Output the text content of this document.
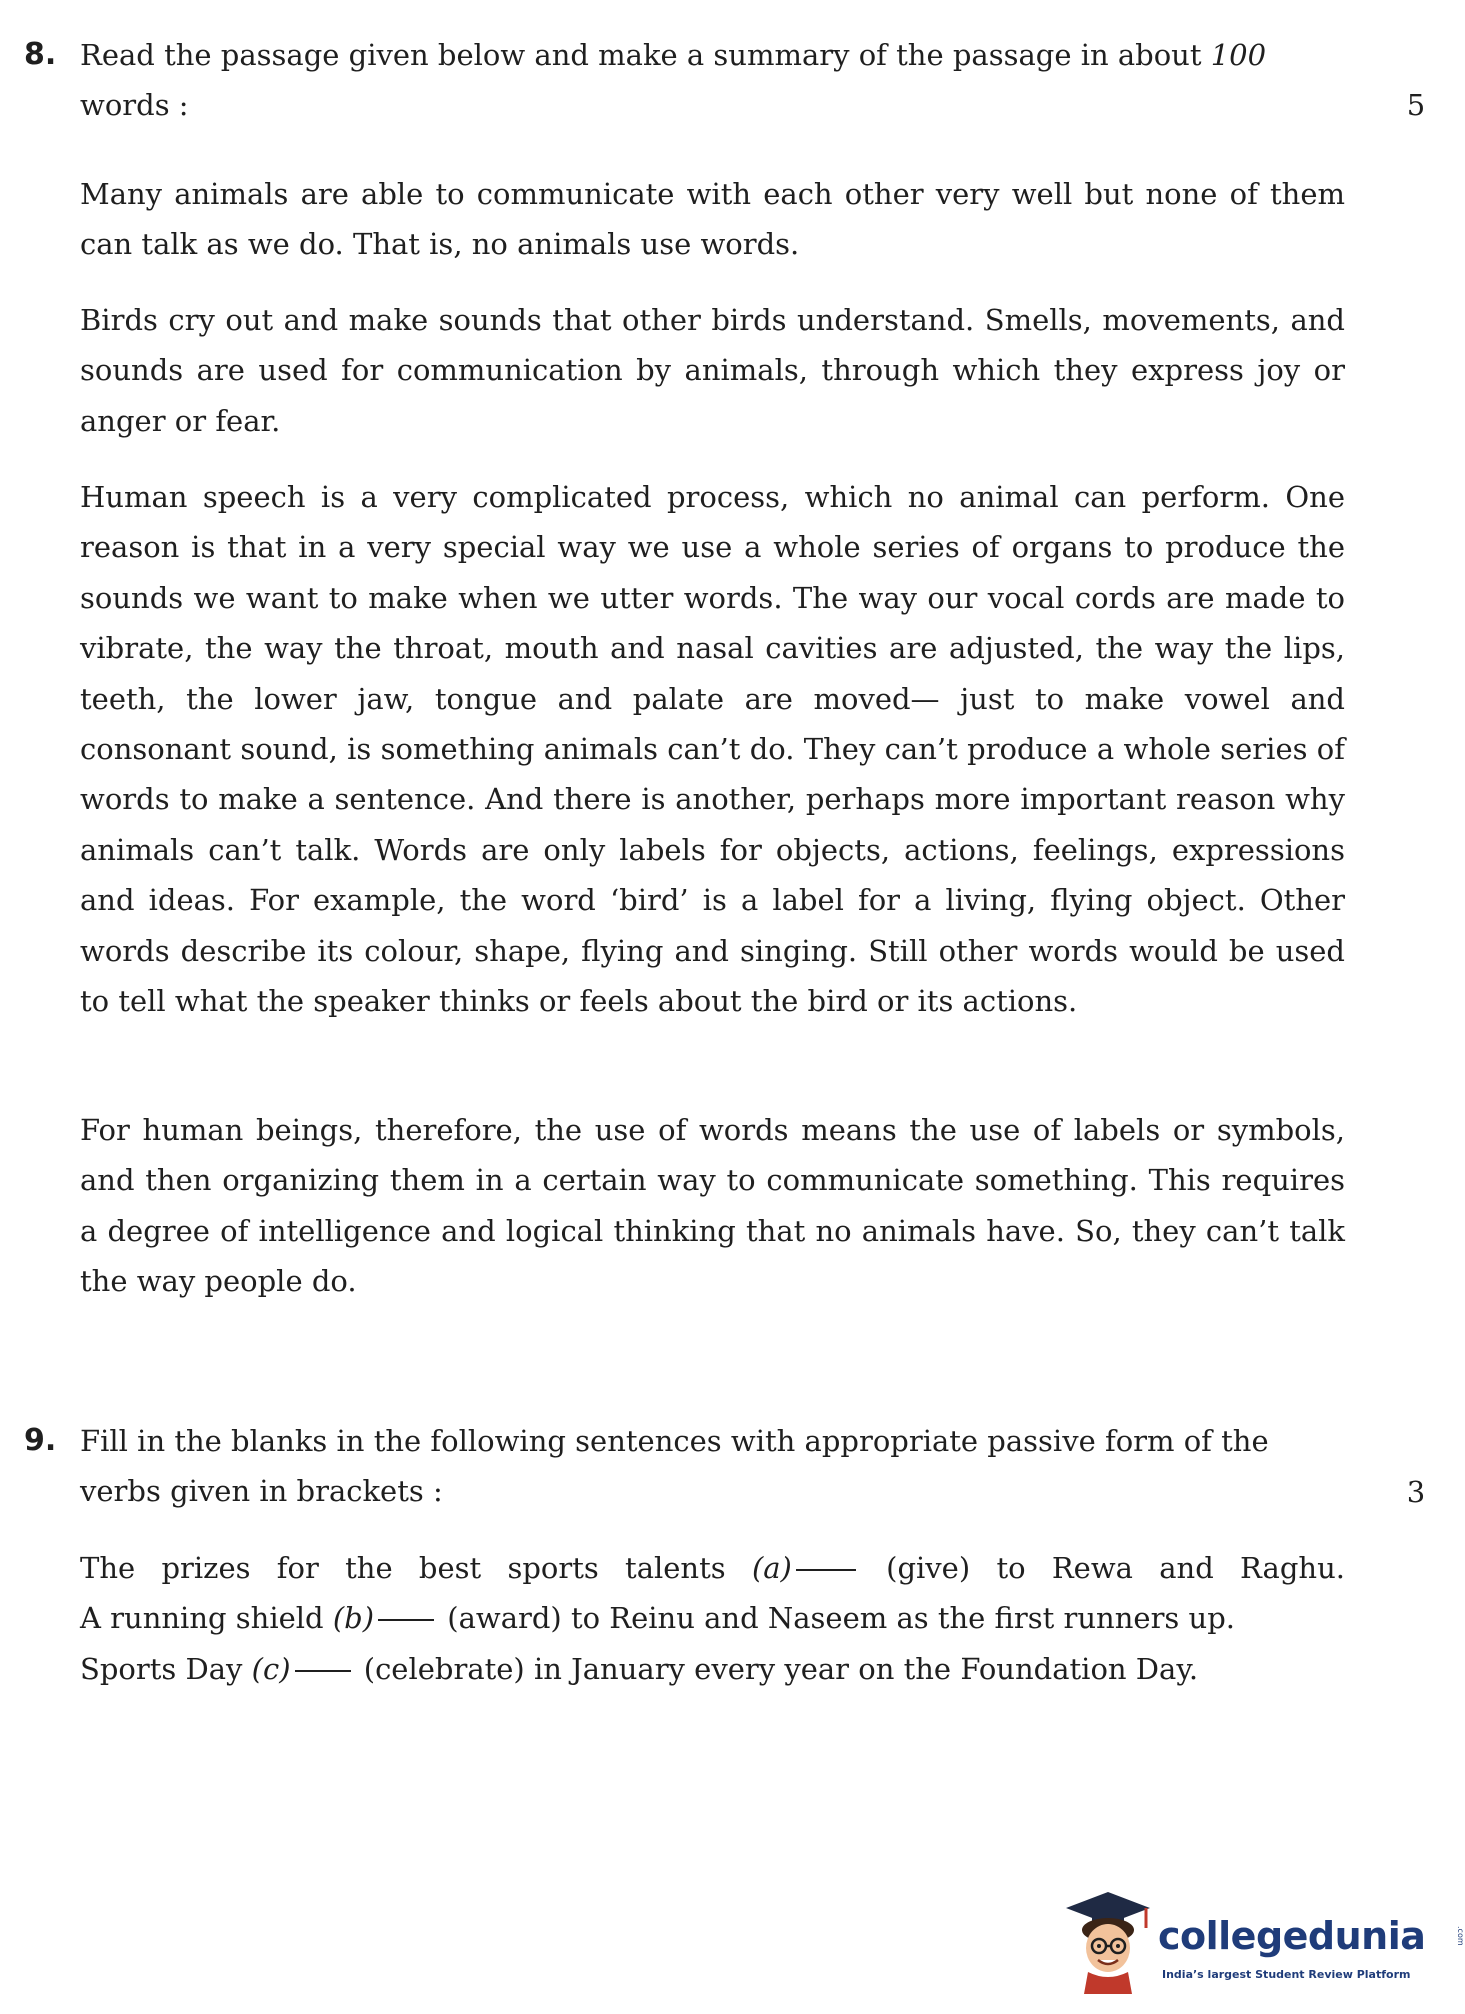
8. Read the passage given below and make a summary of the passage in about 100 words :	5

Many animals are able to communicate with each other very well but none of them can talk as we do. That is, no animals use words.

Birds cry out and make sounds that other birds understand. Smells, movements, and sounds are used for communication by animals, through which they express joy or anger or fear.

Human speech is a very complicated process, which no animal can perform. One reason is that in a very special way we use a whole series of organs to produce the sounds we want to make when we utter words. The way our vocal cords are made to vibrate, the way the throat, mouth and nasal cavities are adjusted, the way the lips, teeth, the lower jaw, tongue and palate are moved— just to make vowel and consonant sound, is something animals can’t do. They can’t produce a whole series of words to make a sentence. And there is another, perhaps more important reason why animals can’t talk. Words are only labels for objects, actions, feelings, expressions and ideas. For example, the word ‘bird’ is a label for a living, flying object. Other words describe its colour, shape, flying and singing. Still other words would be used to tell what the speaker thinks or feels about the bird or its actions.

For human beings, therefore, the use of words means the use of labels or symbols, and then organizing them in a certain way to communicate something. This requires a degree of intelligence and logical thinking that no animals have. So, they can’t talk the way people do.

9. Fill in the blanks in the following sentences with appropriate passive form of the verbs given in brackets :	3
The prizes for the best sports talents (a) (give) to Rewa and Raghu.
A running shield (b) (award) to Reinu and Naseem as the first runners up.
Sports Day (c) (celebrate) in January every year on the Foundation Day.
collegedunia	.com
India’s largest Student Review Platform
